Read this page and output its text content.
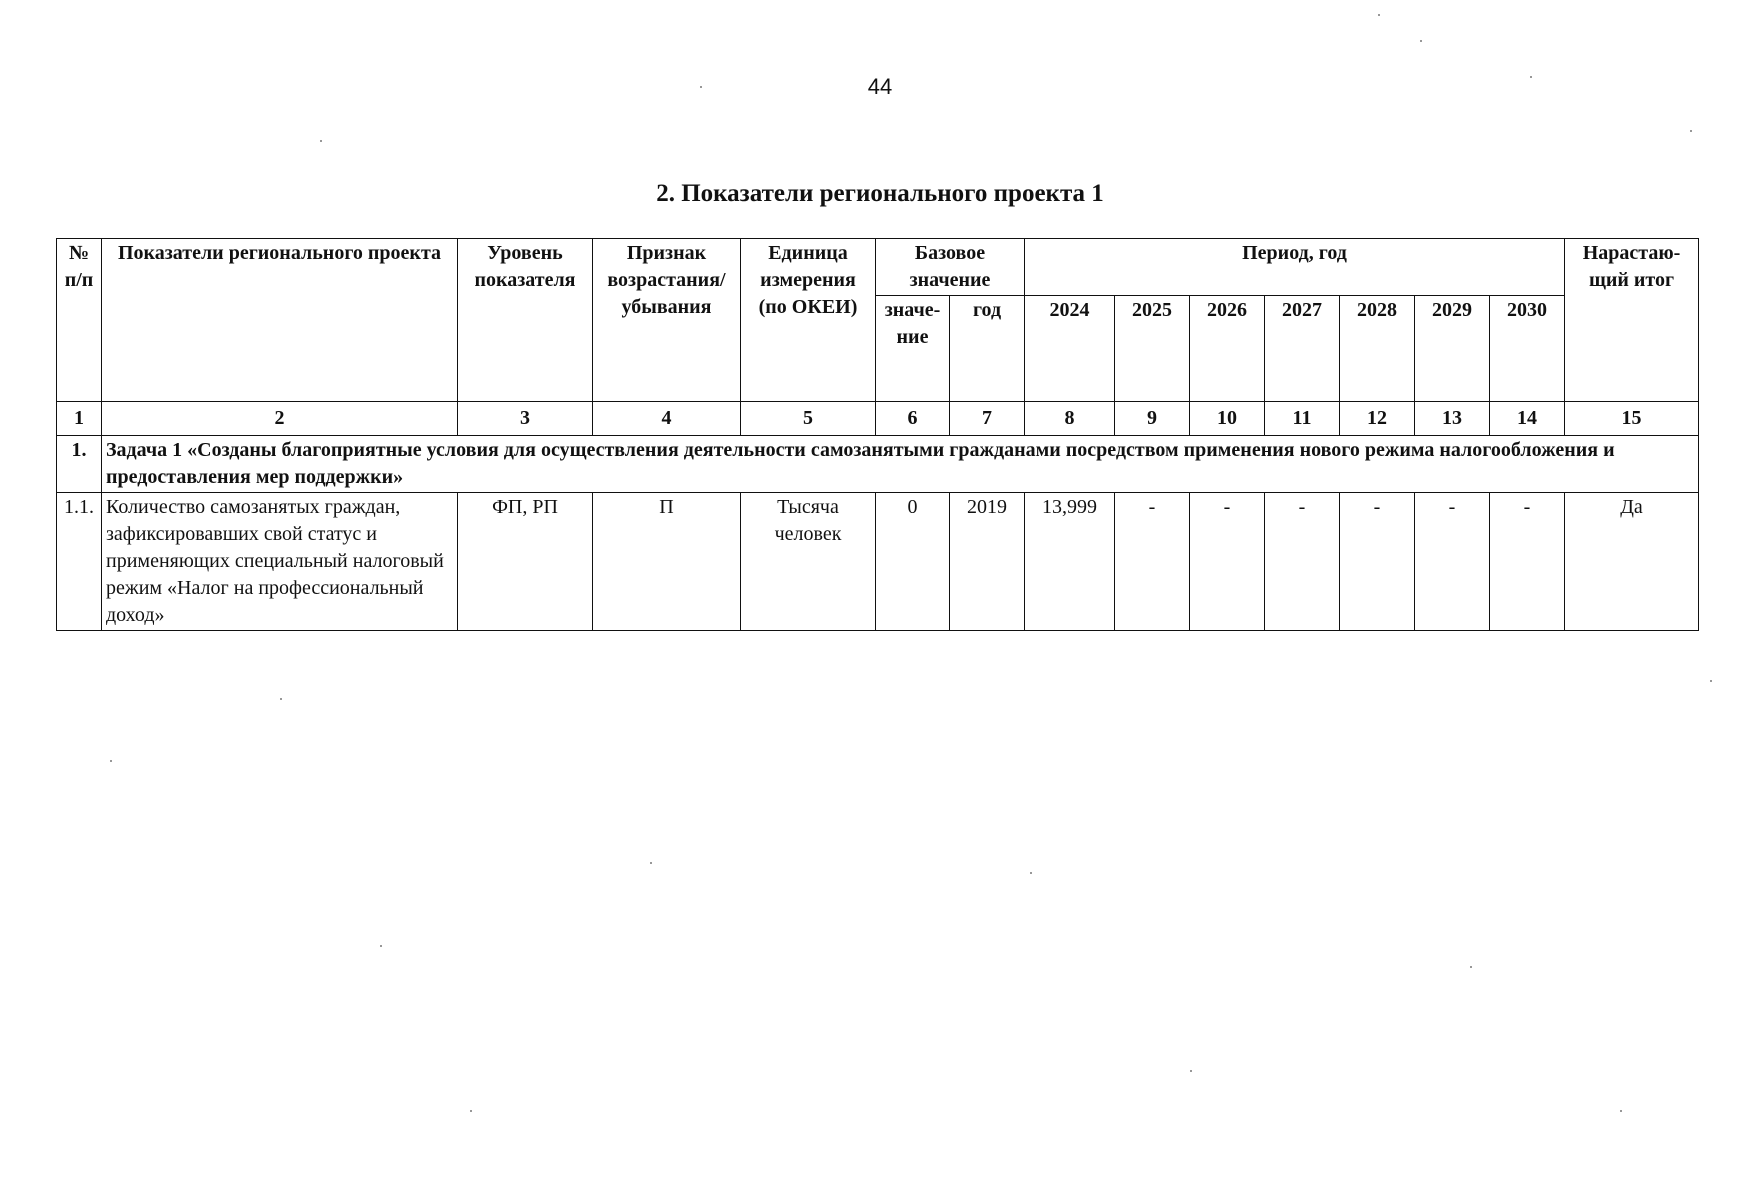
44
2. Показатели регионального проекта 1
№ п/п	Показатели регионального проекта	Уровень показателя	Признак возрастания/ убывания	Единица измерения (по ОКЕИ)	Базовое значение		Период, год							Нарастаю-щий итог
					значе-ние	год	2024	2025	2026	2027	2028	2029	2030	
1	2	3	4	5	6	7	8	9	10	11	12	13	14	15
1.	Задача 1 «Созданы благоприятные условия для осуществления деятельности самозанятыми гражданами посредством применения нового режима налогообложения и предоставления мер поддержки»													
1.1.	Количество самозанятых граждан, зафиксировавших свой статус и применяющих специальный налоговый режим «Налог на профессиональный доход»	ФП, РП	П	Тысяча человек	0	2019	13,999	-	-	-	-	-	-	Да
